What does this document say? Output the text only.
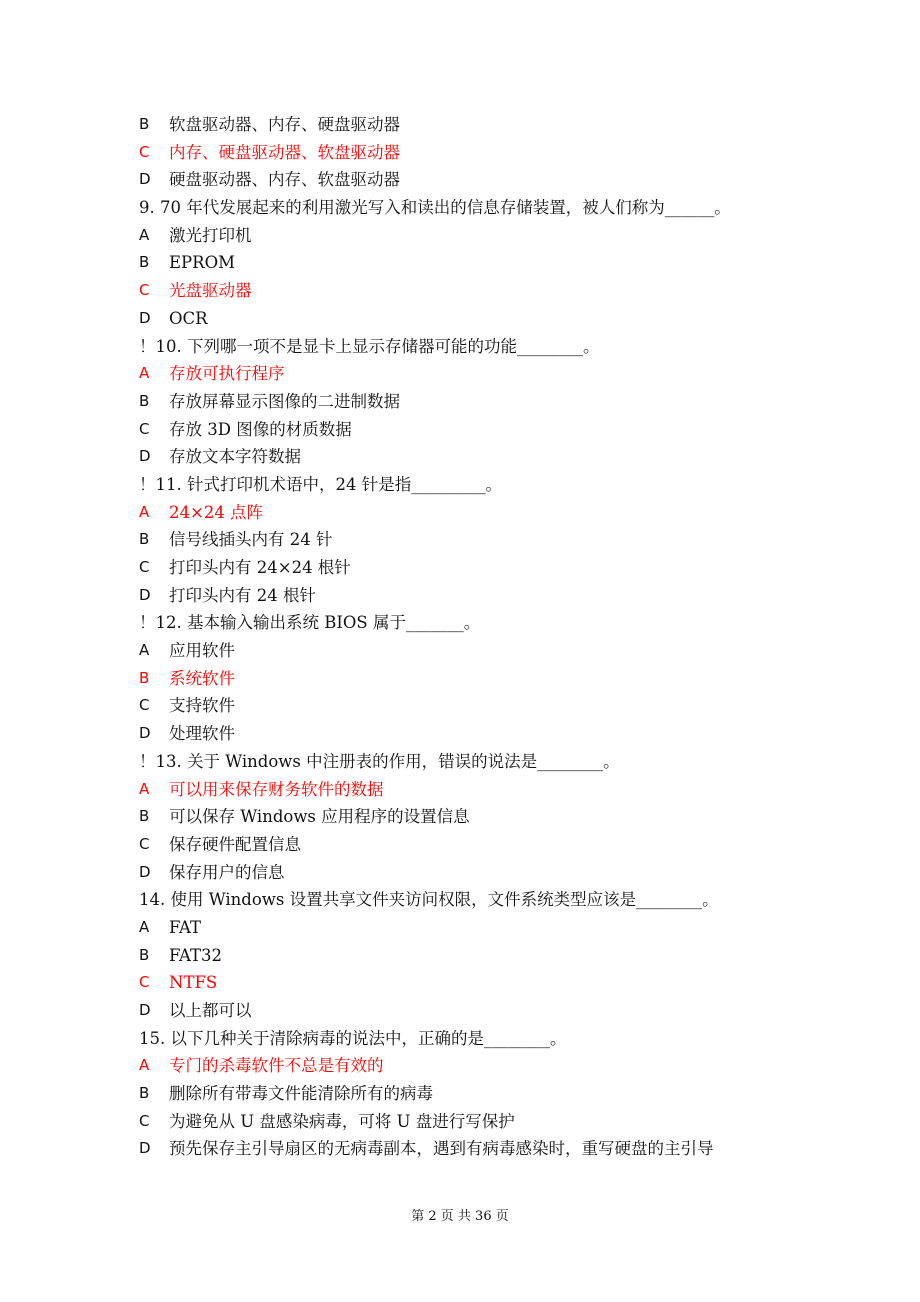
B	软盘驱动器、内存、硬盘驱动器
C	内存、硬盘驱动器、软盘驱动器
D	硬盘驱动器、内存、软盘驱动器
9. 70 年代发展起来的利用激光写入和读出的信息存储装置，被人们称为______。
A	激光打印机
B	EPROM
C	光盘驱动器
D	OCR
！10. 下列哪一项不是显卡上显示存储器可能的功能________。
A	存放可执行程序
B	存放屏幕显示图像的二进制数据
C	存放 3D 图像的材质数据
D	存放文本字符数据
！11. 针式打印机术语中，24 针是指_________。
A	24×24 点阵
B	信号线插头内有 24 针
C	打印头内有 24×24 根针
D	打印头内有 24 根针
！12. 基本输入输出系统 BIOS 属于_______。
A	应用软件
B	系统软件
C	支持软件
D	处理软件
！13. 关于 Windows 中注册表的作用，错误的说法是________。
A	可以用来保存财务软件的数据
B	可以保存 Windows 应用程序的设置信息
C	保存硬件配置信息
D	保存用户的信息
14. 使用 Windows 设置共享文件夹访问权限，文件系统类型应该是________。
A	FAT
B	FAT32
C	NTFS
D	以上都可以
15. 以下几种关于清除病毒的说法中，正确的是________。
A	专门的杀毒软件不总是有效的
B	删除所有带毒文件能清除所有的病毒
C	为避免从 U 盘感染病毒，可将 U 盘进行写保护
D	预先保存主引导扇区的无病毒副本，遇到有病毒感染时，重写硬盘的主引导
第 2 页 共 36 页
